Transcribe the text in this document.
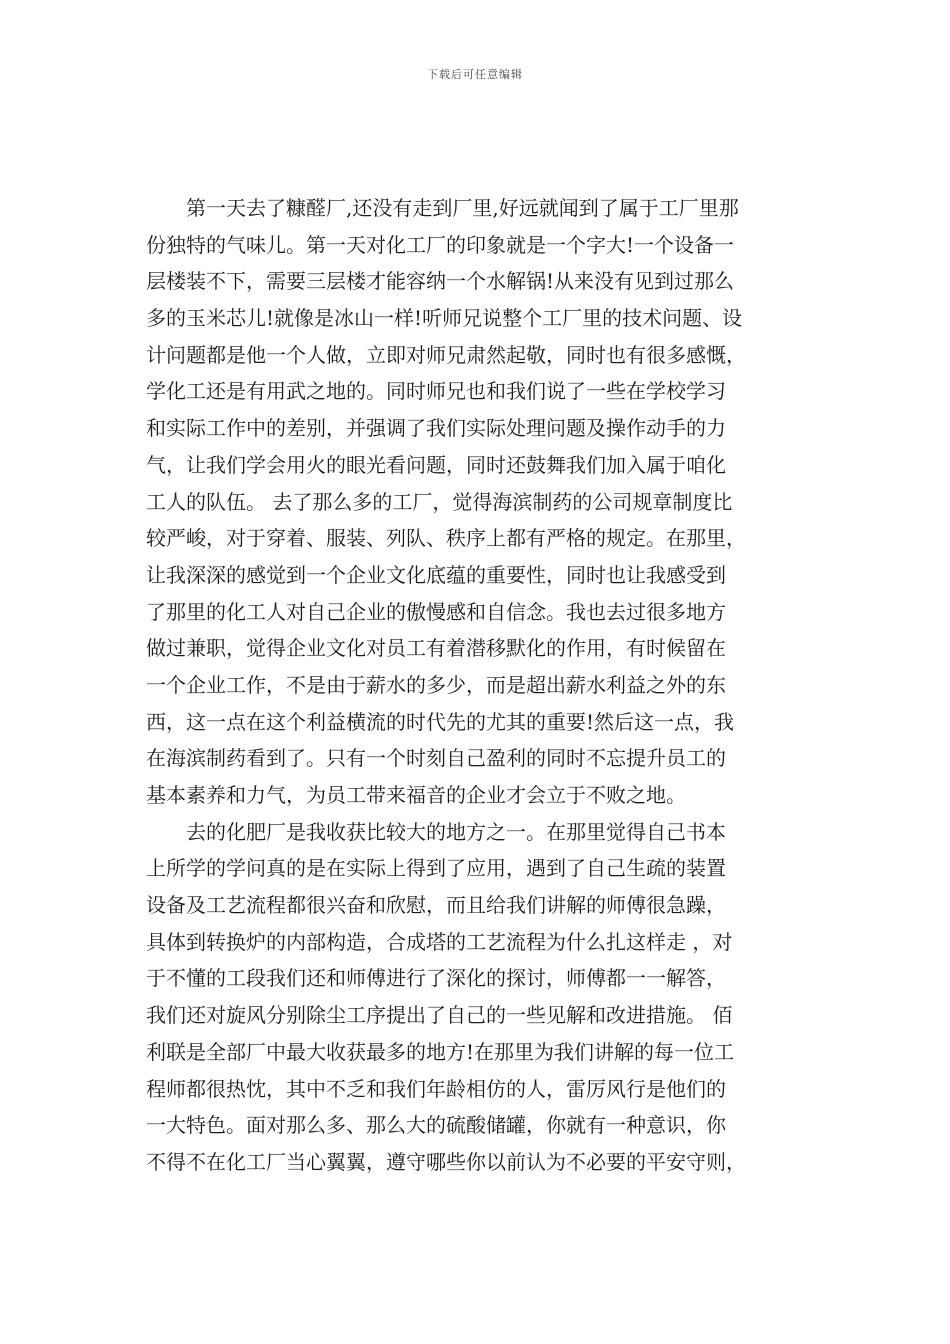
下载后可任意编辑
第一天去了糠醛厂,还没有走到厂里,好远就闻到了属于工厂里那
份独特的气味儿。第一天对化工厂的印象就是一个字大!一个设备一
层楼装不下，需要三层楼才能容纳一个水解锅!从来没有见到过那么
多的玉米芯儿!就像是冰山一样!听师兄说整个工厂里的技术问题、设
计问题都是他一个人做，立即对师兄肃然起敬，同时也有很多感慨，
学化工还是有用武之地的。同时师兄也和我们说了一些在学校学习
和实际工作中的差别，并强调了我们实际处理问题及操作动手的力
气，让我们学会用火的眼光看问题，同时还鼓舞我们加入属于咱化
工人的队伍。 去了那么多的工厂，觉得海滨制药的公司规章制度比
较严峻，对于穿着、服装、列队、秩序上都有严格的规定。在那里，
让我深深的感觉到一个企业文化底蕴的重要性，同时也让我感受到
了那里的化工人对自己企业的傲慢感和自信念。我也去过很多地方
做过兼职，觉得企业文化对员工有着潜移默化的作用，有时候留在
一个企业工作，不是由于薪水的多少，而是超出薪水利益之外的东
西，这一点在这个利益横流的时代先的尤其的重要!然后这一点，我
在海滨制药看到了。只有一个时刻自己盈利的同时不忘提升员工的
基本素养和力气，为员工带来福音的企业才会立于不败之地。
去的化肥厂是我收获比较大的地方之一。在那里觉得自己书本
上所学的学问真的是在实际上得到了应用，遇到了自己生疏的装置
设备及工艺流程都很兴奋和欣慰，而且给我们讲解的师傅很急躁，
具体到转换炉的内部构造，合成塔的工艺流程为什么扎这样走 ，对
于不懂的工段我们还和师傅进行了深化的探讨，师傅都一一解答，
我们还对旋风分别除尘工序提出了自己的一些见解和改进措施。 佰
利联是全部厂中最大收获最多的地方!在那里为我们讲解的每一位工
程师都很热忱，其中不乏和我们年龄相仿的人，雷厉风行是他们的
一大特色。面对那么多、那么大的硫酸储罐，你就有一种意识，你
不得不在化工厂当心翼翼，遵守哪些你以前认为不必要的平安守则，
